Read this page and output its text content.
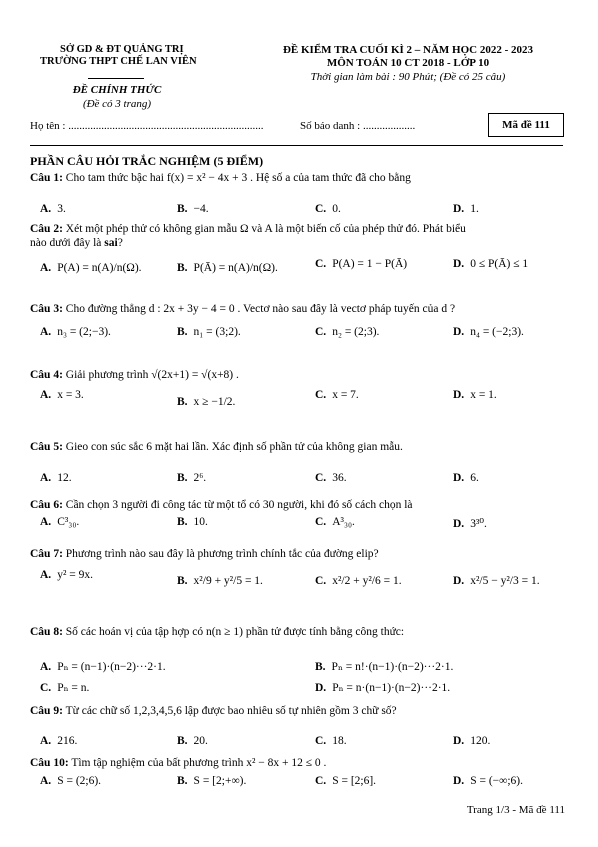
SỞ GD & ĐT QUẢNG TRỊ
TRƯỜNG THPT CHẾ LAN VIÊN
ĐỀ CHÍNH THỨC
(Đề có 3 trang)
ĐỀ KIỂM TRA CUỐI KÌ 2 – NĂM HỌC 2022 - 2023
MÔN TOÁN 10 CT 2018 - LỚP 10
Thời gian làm bài : 90 Phút; (Đề có 25 câu)
Họ tên : .......................................................................	Số báo danh : ...................	Mã đề 111
PHẦN CÂU HỎI TRẮC NGHIỆM (5 ĐIỂM)
Câu 1: Cho tam thức bậc hai f(x) = x² − 4x + 3 . Hệ số a của tam thức đã cho bằng
A. 3.	B. −4.	C. 0.	D. 1.
Câu 2: Xét một phép thử có không gian mẫu Ω và A là một biến cố của phép thử đó. Phát biểu
nào dưới đây là sai?
A. P(A) = n(A)/n(Ω).	B. P(Ā) = n(A)/n(Ω).	C. P(A) = 1 − P(Ā)	D. 0 ≤ P(Ā) ≤ 1
Câu 3: Cho đường thẳng d : 2x + 3y − 4 = 0 . Vectơ nào sau đây là vectơ pháp tuyến của d ?
A. n₃ = (2;−3).	B. n₁ = (3;2).	C. n₂ = (2;3).	D. n₄ = (−2;3).
Câu 4: Giải phương trình √(2x+1) = √(x+8) .
A. x = 3.
B. x ≥ −1/2.
C. x = 7.	D. x = 1.
Câu 5: Gieo con súc sắc 6 mặt hai lần. Xác định số phần tử của không gian mẫu.
A. 12.	B. 2⁶.	C. 36.	D. 6.
Câu 6: Cần chọn 3 người đi công tác từ một tổ có 30 người, khi đó số cách chọn là
A. C³₃₀.	B. 10.	C. A³₃₀.	D. 3³⁰.
Câu 7: Phương trình nào sau đây là phương trình chính tắc của đường elip?
A. y² = 9x.	B. x²/9 + y²/5 = 1.	C. x²/2 + y²/6 = 1.	D. x²/5 − y²/3 = 1.
Câu 8: Số các hoán vị của tập hợp có n(n ≥ 1) phần tử được tính bằng công thức:
A. Pₙ = (n−1)·(n−2)···2·1.	B. Pₙ = n!·(n−1)·(n−2)···2·1.
C. Pₙ = n.	D. Pₙ = n·(n−1)·(n−2)···2·1.
Câu 9: Từ các chữ số 1,2,3,4,5,6 lập được bao nhiêu số tự nhiên gồm 3 chữ số?
A. 216.	B. 20.	C. 18.	D. 120.
Câu 10: Tìm tập nghiệm của bất phương trình x² − 8x + 12 ≤ 0 .
A. S = (2;6).	B. S = [2;+∞).	C. S = [2;6].	D. S = (−∞;6).
Trang 1/3 - Mã đề 111
